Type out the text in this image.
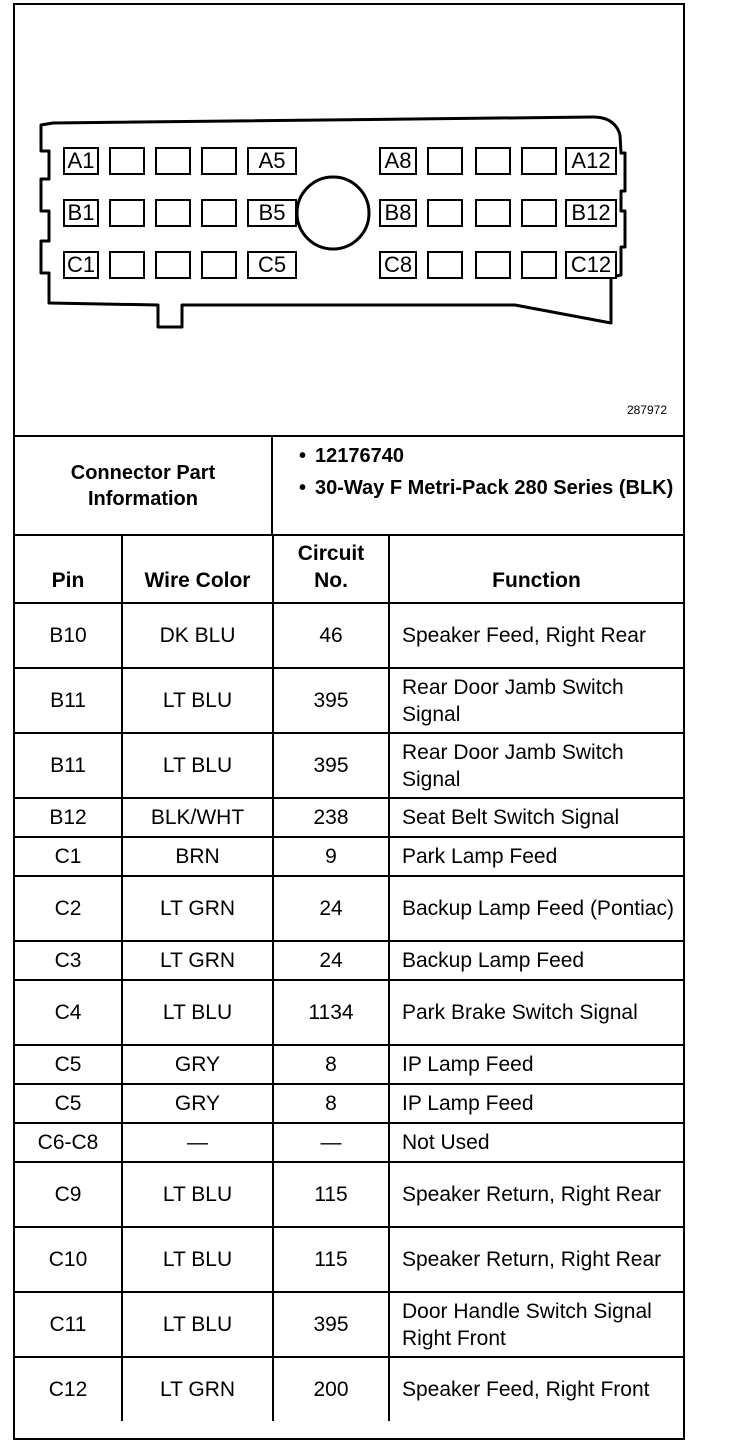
A1	A5	A8	A12
B1	B5	B8	B12
C1	C5	C8	C12
287972
Connector Part Information
• 12176740
• 30-Way F Metri-Pack 280 Series (BLK)
Pin	Wire Color	Circuit No.	Function
B10	DK BLU	46	Speaker Feed, Right Rear
B11	LT BLU	395	Rear Door Jamb Switch Signal
B11	LT BLU	395	Rear Door Jamb Switch Signal
B12	BLK/WHT	238	Seat Belt Switch Signal
C1	BRN	9	Park Lamp Feed
C2	LT GRN	24	Backup Lamp Feed (Pontiac)
C3	LT GRN	24	Backup Lamp Feed
C4	LT BLU	1134	Park Brake Switch Signal
C5	GRY	8	IP Lamp Feed
C5	GRY	8	IP Lamp Feed
C6-C8	—	—	Not Used
C9	LT BLU	115	Speaker Return, Right Rear
C10	LT BLU	115	Speaker Return, Right Rear
C11	LT BLU	395	Door Handle Switch Signal Right Front
C12	LT GRN	200	Speaker Feed, Right Front
